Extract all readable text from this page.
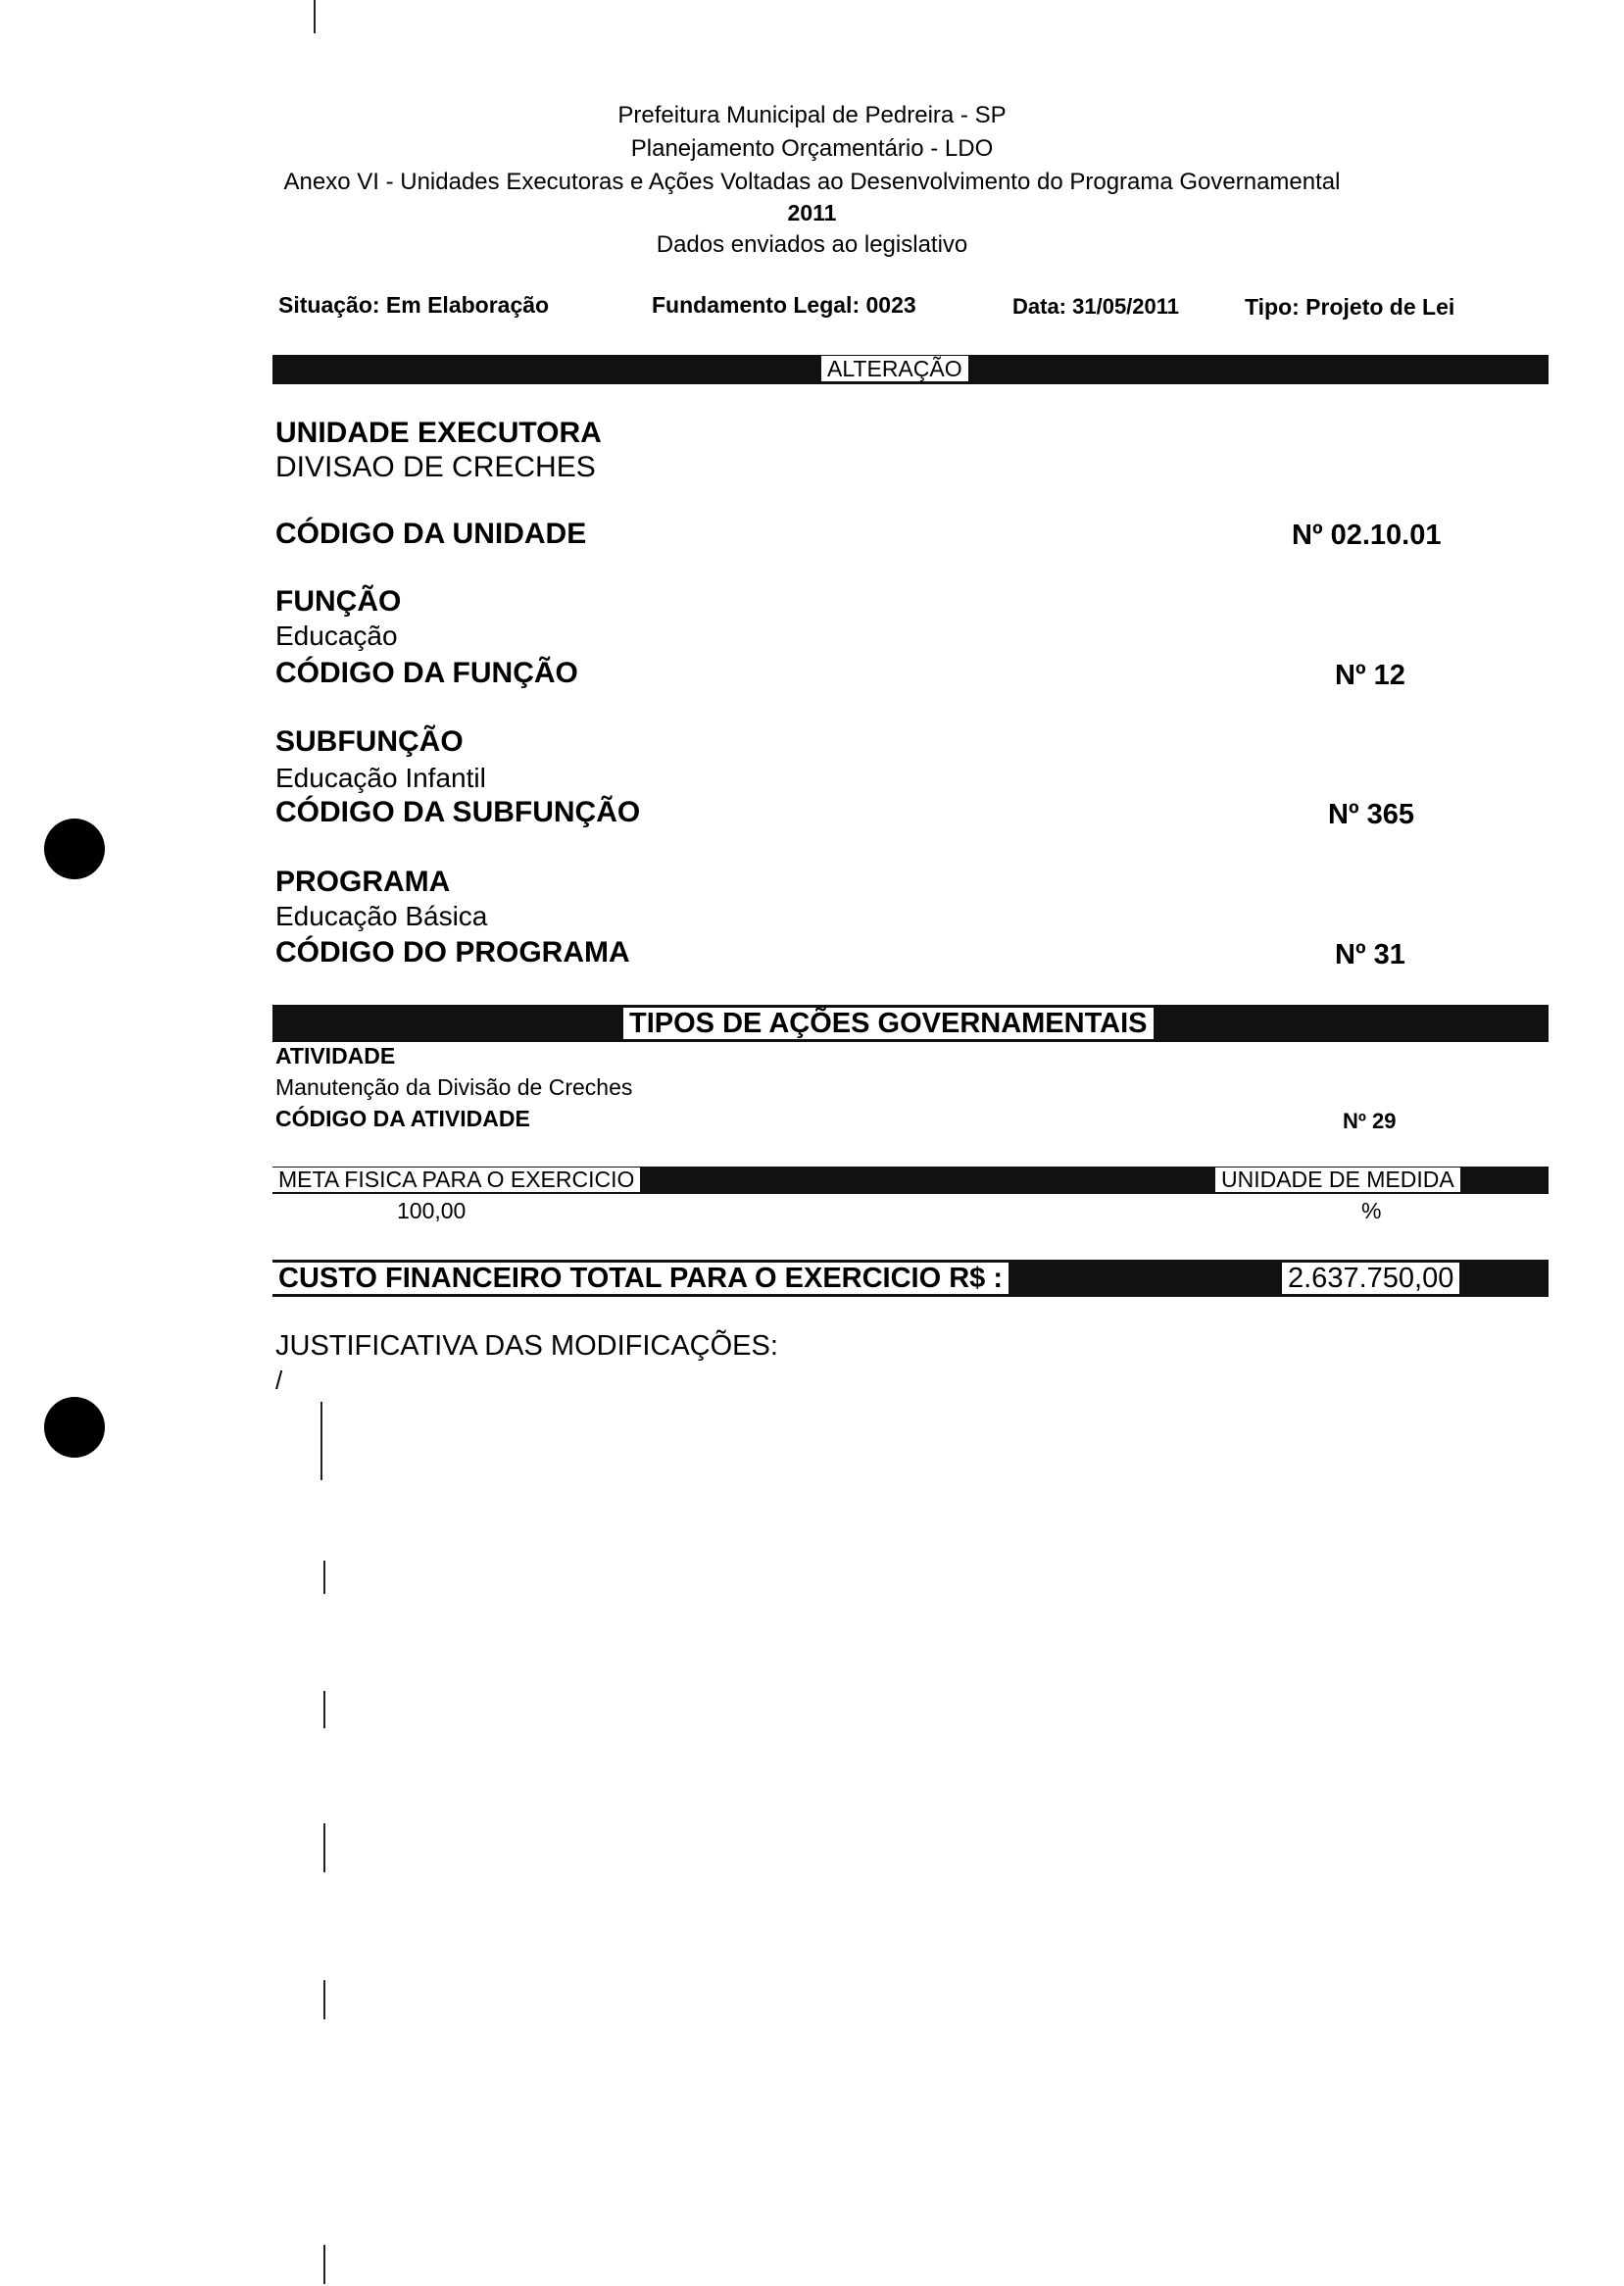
Prefeitura Municipal de Pedreira - SP
Planejamento Orçamentário - LDO
Anexo VI - Unidades Executoras e Ações Voltadas ao Desenvolvimento do Programa Governamental
2011
Dados enviados ao legislativo
Situação: Em Elaboração	Fundamento Legal: 0023	Data: 31/05/2011	Tipo: Projeto de Lei
ALTERAÇÃO
UNIDADE EXECUTORA
DIVISAO DE CRECHES
CÓDIGO DA UNIDADE	Nº 02.10.01
FUNÇÃO
Educação
CÓDIGO DA FUNÇÃO	Nº 12
SUBFUNÇÃO
Educação Infantil
CÓDIGO DA SUBFUNÇÃO	Nº 365
PROGRAMA
Educação Básica
CÓDIGO DO PROGRAMA	Nº 31
TIPOS DE AÇÕES GOVERNAMENTAIS
ATIVIDADE
Manutenção da Divisão de Creches
CÓDIGO DA ATIVIDADE	Nº 29
META FISICA PARA O EXERCICIO	UNIDADE DE MEDIDA
100,00	%
CUSTO FINANCEIRO TOTAL PARA O EXERCICIO R$ :	2.637.750,00
JUSTIFICATIVA DAS MODIFICAÇÕES:
/
